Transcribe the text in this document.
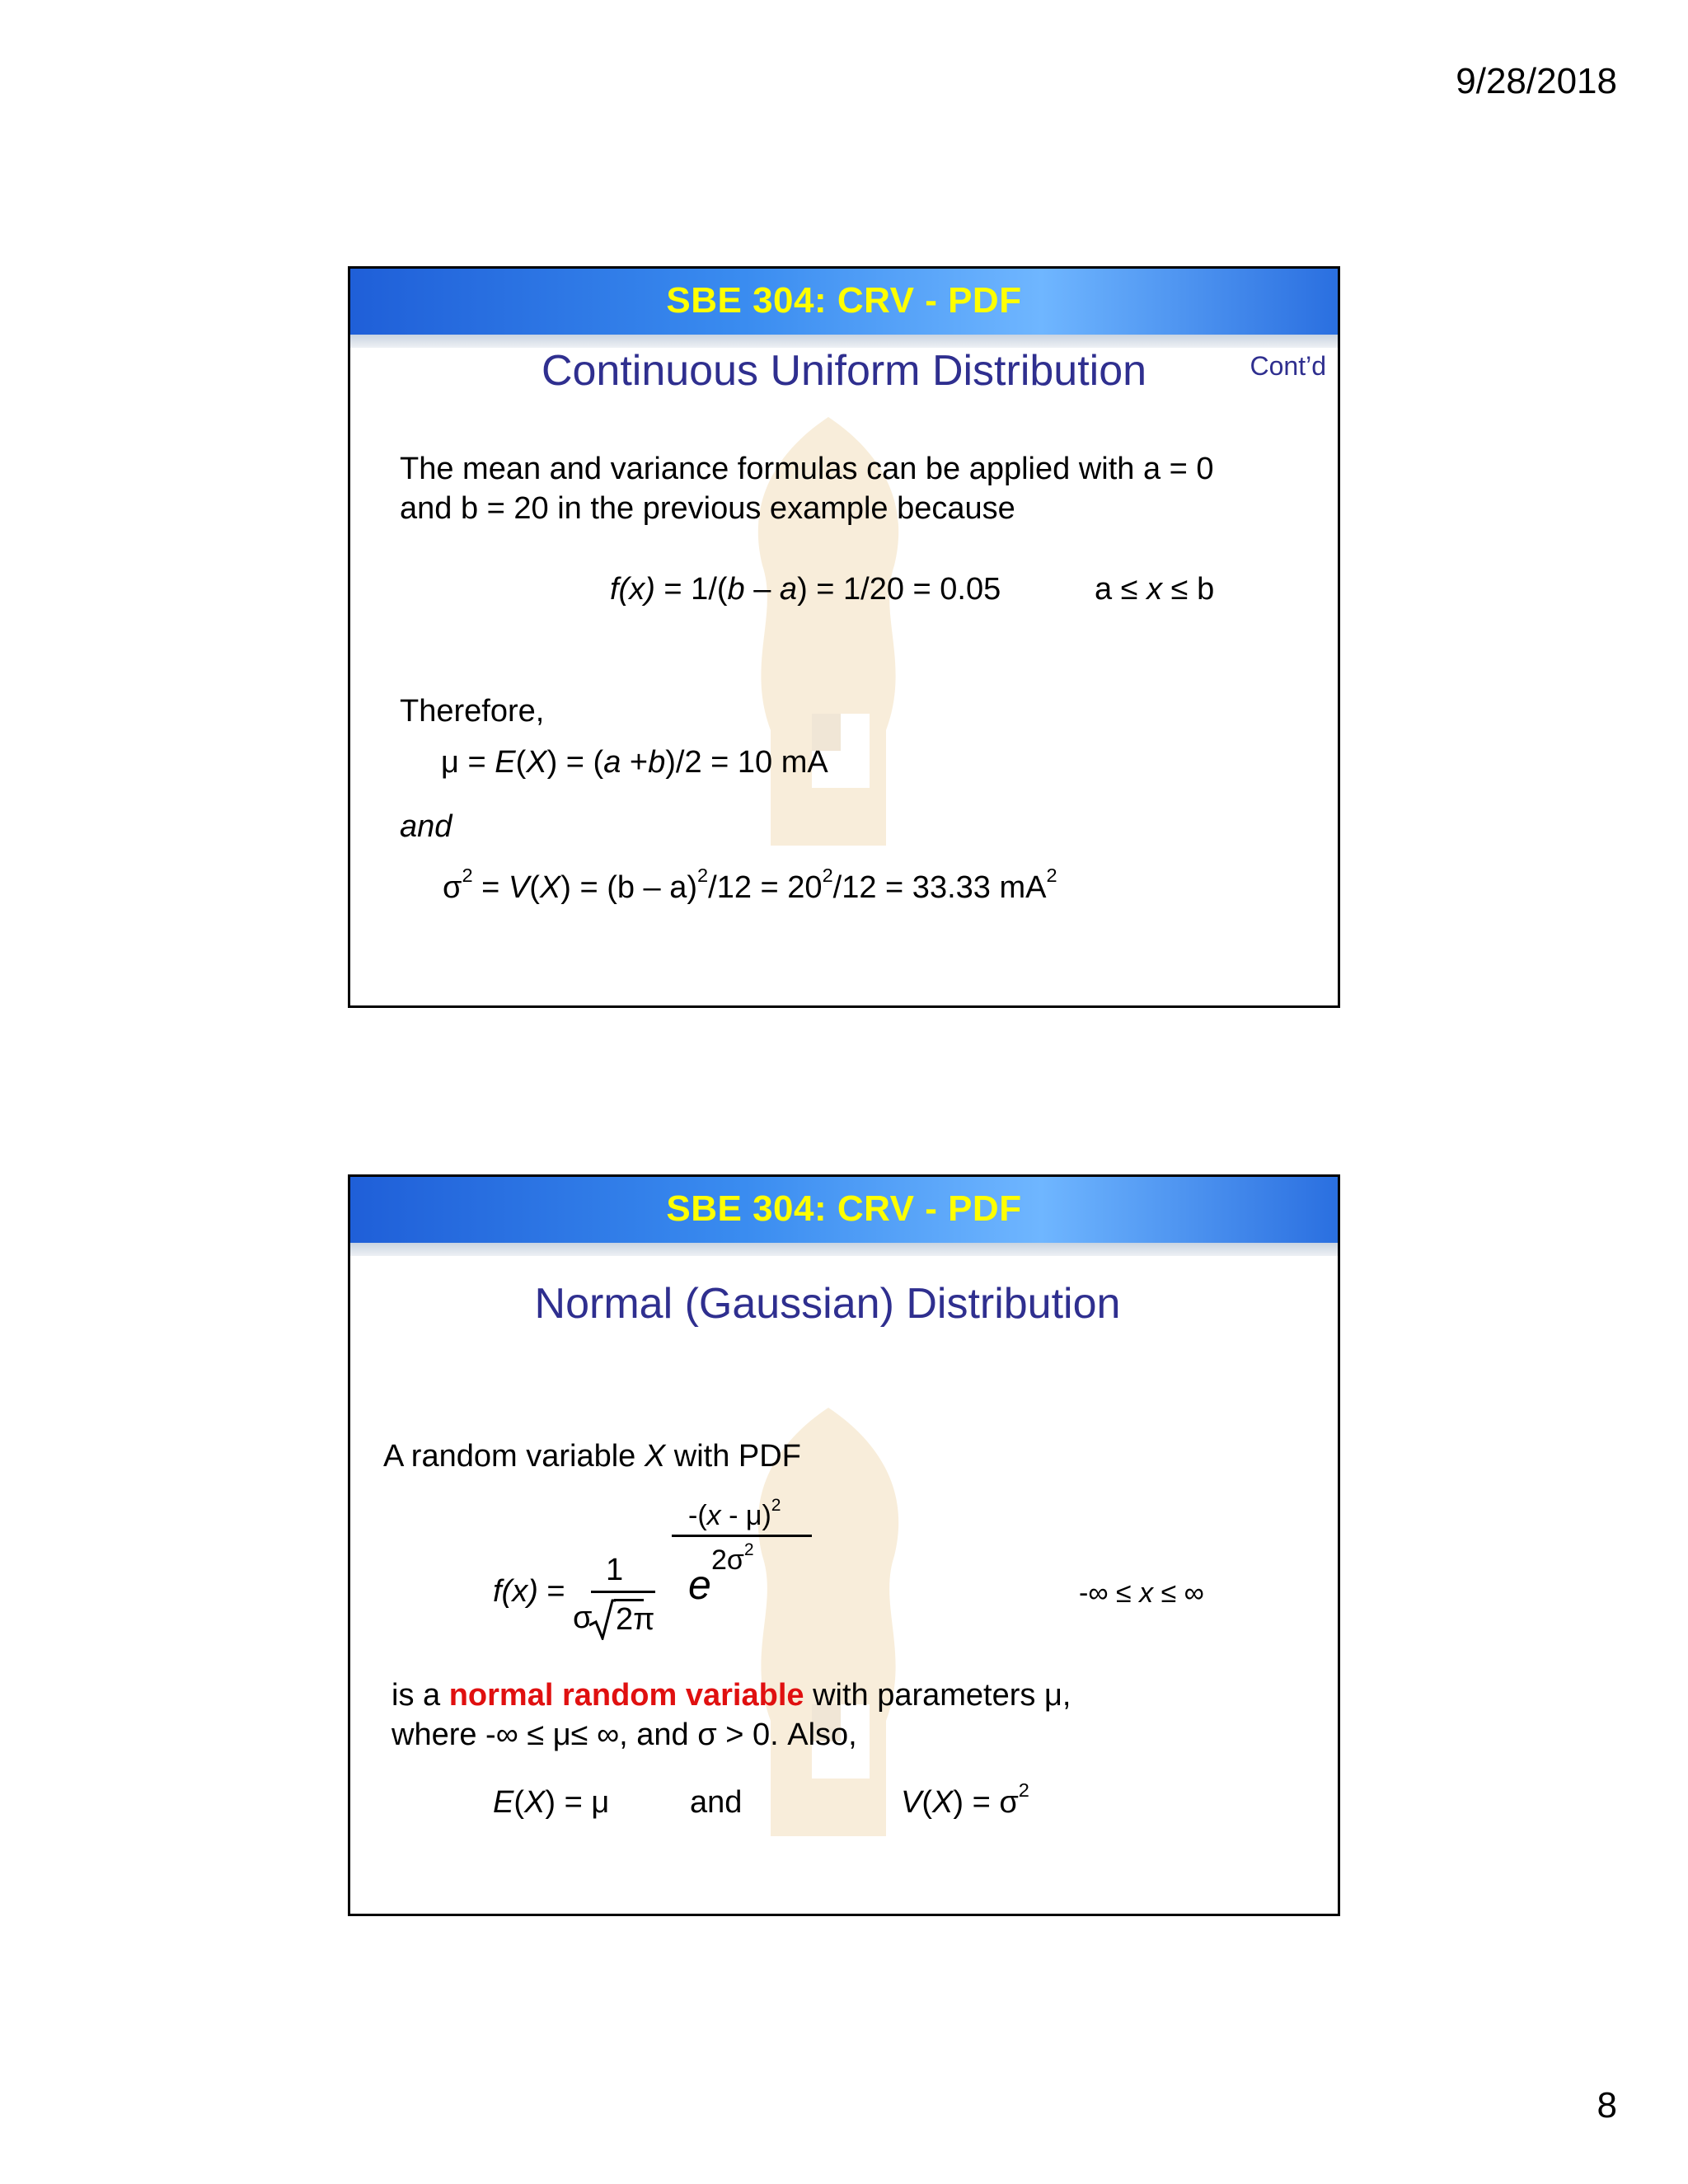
9/28/2018
SBE 304: CRV - PDF
Continuous Uniform Distribution	Cont’d
The mean and variance formulas can be applied with a = 0
and b = 20 in the previous example because
f(x) = 1/(b – a) = 1/20 = 0.05	a ≤ x ≤ b
Therefore,
μ = E(X) = (a +b)/2 = 10 mA
and
$\sigma^2 = V(X) = (b - a)^2/12 = 20^2/12 = 33.33$ $mA^2$
SBE 304: CRV - PDF
Normal (Gaussian) Distribution
A random variable X with PDF
f(x) =
1
σ 2π
e
-(x - μ)$^2$
$2\sigma^2$
-∞ ≤ x ≤ ∞
is a normal random variable with parameters μ,
where -∞ ≤ μ≤ ∞, and σ > 0. Also,
E(X) = μ	and	$V(X) = \sigma^2$
8
